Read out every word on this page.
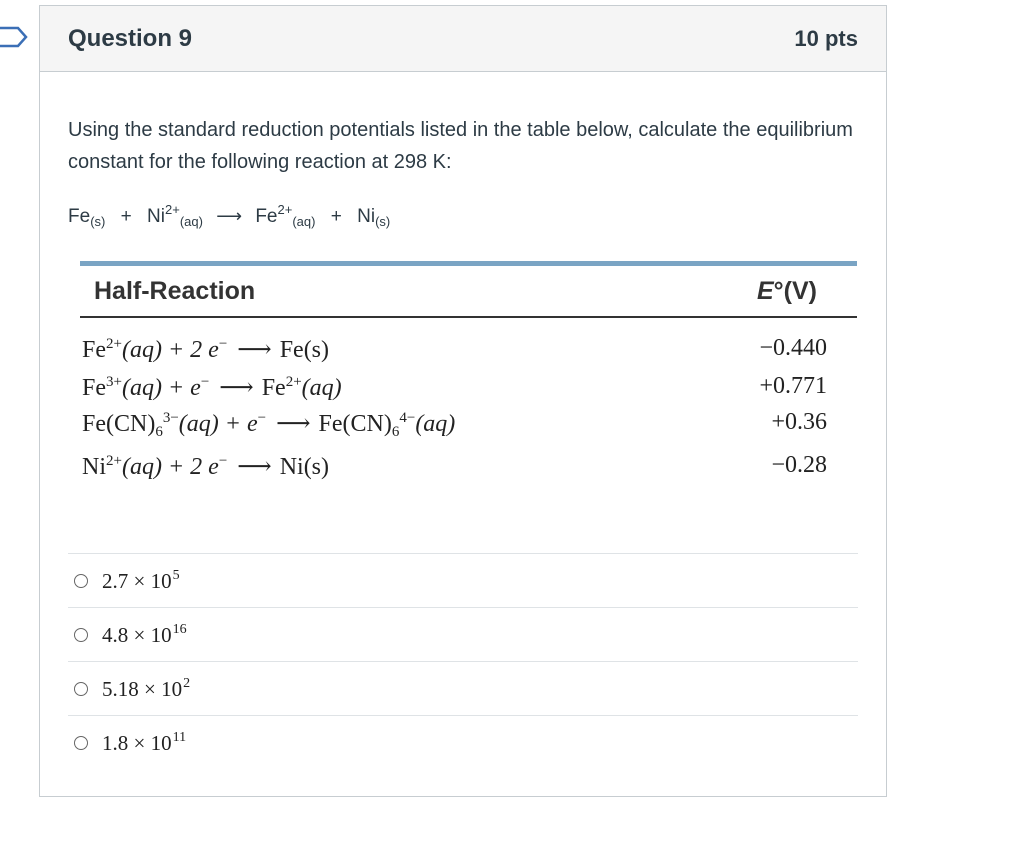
Question 9	10 pts
Using the standard reduction potentials listed in the table below, calculate the equilibrium constant for the following reaction at 298 K:
$Fe_{(s)} + Ni^{2+}_{(aq)}$ ⟶ $Fe^{2+}_{(aq)} + Ni_{(s)}$
Half-Reaction	E°(V)
$Fe^{2+}(aq) + 2$ e− ⟶ Fe(s)	−0.440
$Fe^{3+}(aq) + e^-$ ⟶ $Fe^{2+}(aq)$	+0.771
$Fe(CN)_6^{3-}(aq) + e^-$ ⟶ $Fe(CN)_6^{4-}(aq)$	+0.36
$Ni^{2+}(aq) + 2$ e− ⟶ Ni(s)	−0.28
$2.7 \times 10^5$
$4.8 \times 10^{16}$
$5.18 \times 10^2$
$1.8 \times 10^{11}$
